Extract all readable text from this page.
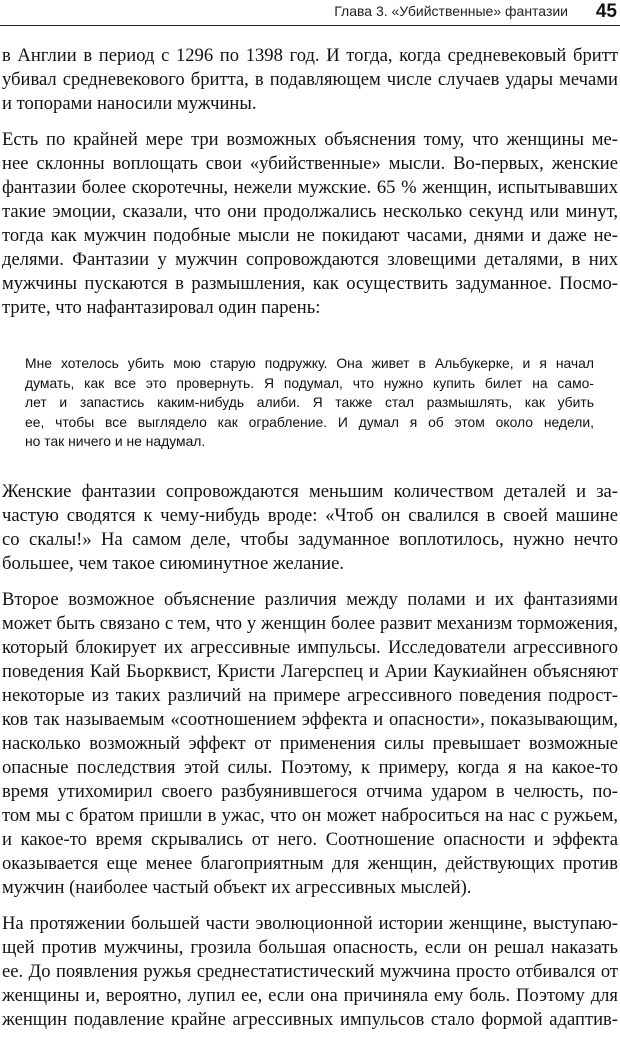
Глава 3. «Убийственные» фантазии 45
в Англии в период с 1296 по 1398 год. И тогда, когда средневековый бритт
убивал средневекового бритта, в подавляющем числе случаев удары мечами
и топорами наносили мужчины.
Есть по крайней мере три возможных объяснения тому, что женщины ме-
нее склонны воплощать свои «убийственные» мысли. Во-первых, женские
фантазии более скоротечны, нежели мужские. 65 % женщин, испытывавших
такие эмоции, сказали, что они продолжались несколько секунд или минут,
тогда как мужчин подобные мысли не покидают часами, днями и даже не-
делями. Фантазии у мужчин сопровождаются зловещими деталями, в них
мужчины пускаются в размышления, как осуществить задуманное. Посмо-
трите, что нафантазировал один парень:
Мне хотелось убить мою старую подружку. Она живет в Альбукерке, и я начал
думать, как все это провернуть. Я подумал, что нужно купить билет на само-
лет и запастись каким-нибудь алиби. Я также стал размышлять, как убить
ее, чтобы все выглядело как ограбление. И думал я об этом около недели,
но так ничего и не надумал.
Женские фантазии сопровождаются меньшим количеством деталей и за-
частую сводятся к чему-нибудь вроде: «Чтоб он свалился в своей машине
со скалы!» На самом деле, чтобы задуманное воплотилось, нужно нечто
большее, чем такое сиюминутное желание.
Второе возможное объяснение различия между полами и их фантазиями
может быть связано с тем, что у женщин более развит механизм торможения,
который блокирует их агрессивные импульсы. Исследователи агрессивного
поведения Кай Бьорквист, Кристи Лагерспец и Арии Каукиайнен объясняют
некоторые из таких различий на примере агрессивного поведения подрост-
ков так называемым «соотношением эффекта и опасности», показывающим,
насколько возможный эффект от применения силы превышает возможные
опасные последствия этой силы. Поэтому, к примеру, когда я на какое-то
время утихомирил своего разбуянившегося отчима ударом в челюсть, по-
том мы с братом пришли в ужас, что он может наброситься на нас с ружьем,
и какое-то время скрывались от него. Соотношение опасности и эффекта
оказывается еще менее благоприятным для женщин, действующих против
мужчин (наиболее частый объект их агрессивных мыслей).
На протяжении большей части эволюционной истории женщине, выступаю-
щей против мужчины, грозила большая опасность, если он решал наказать
ее. До появления ружья среднестатистический мужчина просто отбивался от
женщины и, вероятно, лупил ее, если она причиняла ему боль. Поэтому для
женщин подавление крайне агрессивных импульсов стало формой адаптив-
